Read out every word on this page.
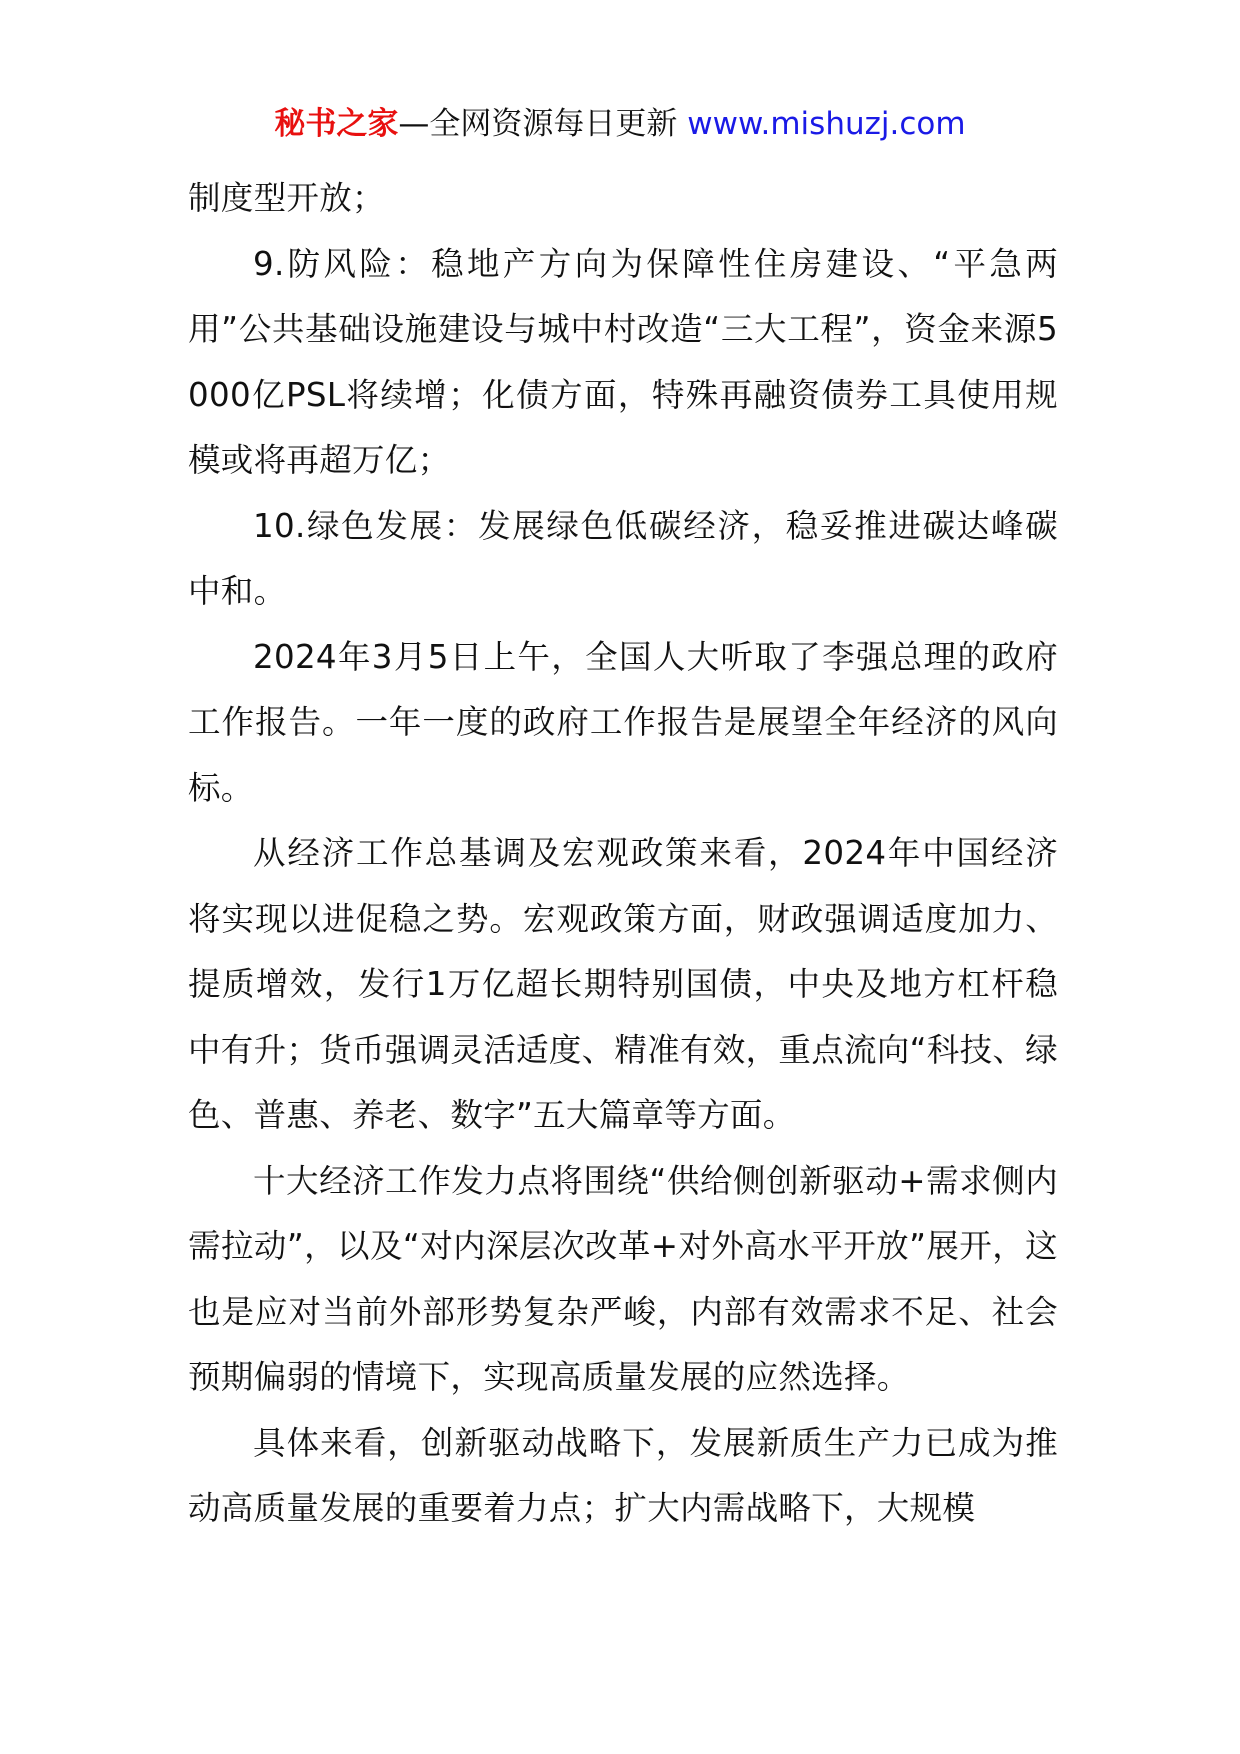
秘书之家—全网资源每日更新 www.mishuzj.com

制度型开放；

9.防风险：稳地产方向为保障性住房建设、“平急两用”公共基础设施建设与城中村改造“三大工程”，资金来源5000亿PSL将续增；化债方面，特殊再融资债券工具使用规模或将再超万亿；

10.绿色发展：发展绿色低碳经济，稳妥推进碳达峰碳中和。

2024年3月5日上午，全国人大听取了李强总理的政府工作报告。一年一度的政府工作报告是展望全年经济的风向标。

从经济工作总基调及宏观政策来看，2024年中国经济将实现以进促稳之势。宏观政策方面，财政强调适度加力、提质增效，发行1万亿超长期特别国债，中央及地方杠杆稳中有升；货币强调灵活适度、精准有效，重点流向“科技、绿色、普惠、养老、数字”五大篇章等方面。

十大经济工作发力点将围绕“供给侧创新驱动+需求侧内需拉动”，以及“对内深层次改革+对外高水平开放”展开，这也是应对当前外部形势复杂严峻，内部有效需求不足、社会预期偏弱的情境下，实现高质量发展的应然选择。

具体来看，创新驱动战略下，发展新质生产力已成为推动高质量发展的重要着力点；扩大内需战略下，大规模
